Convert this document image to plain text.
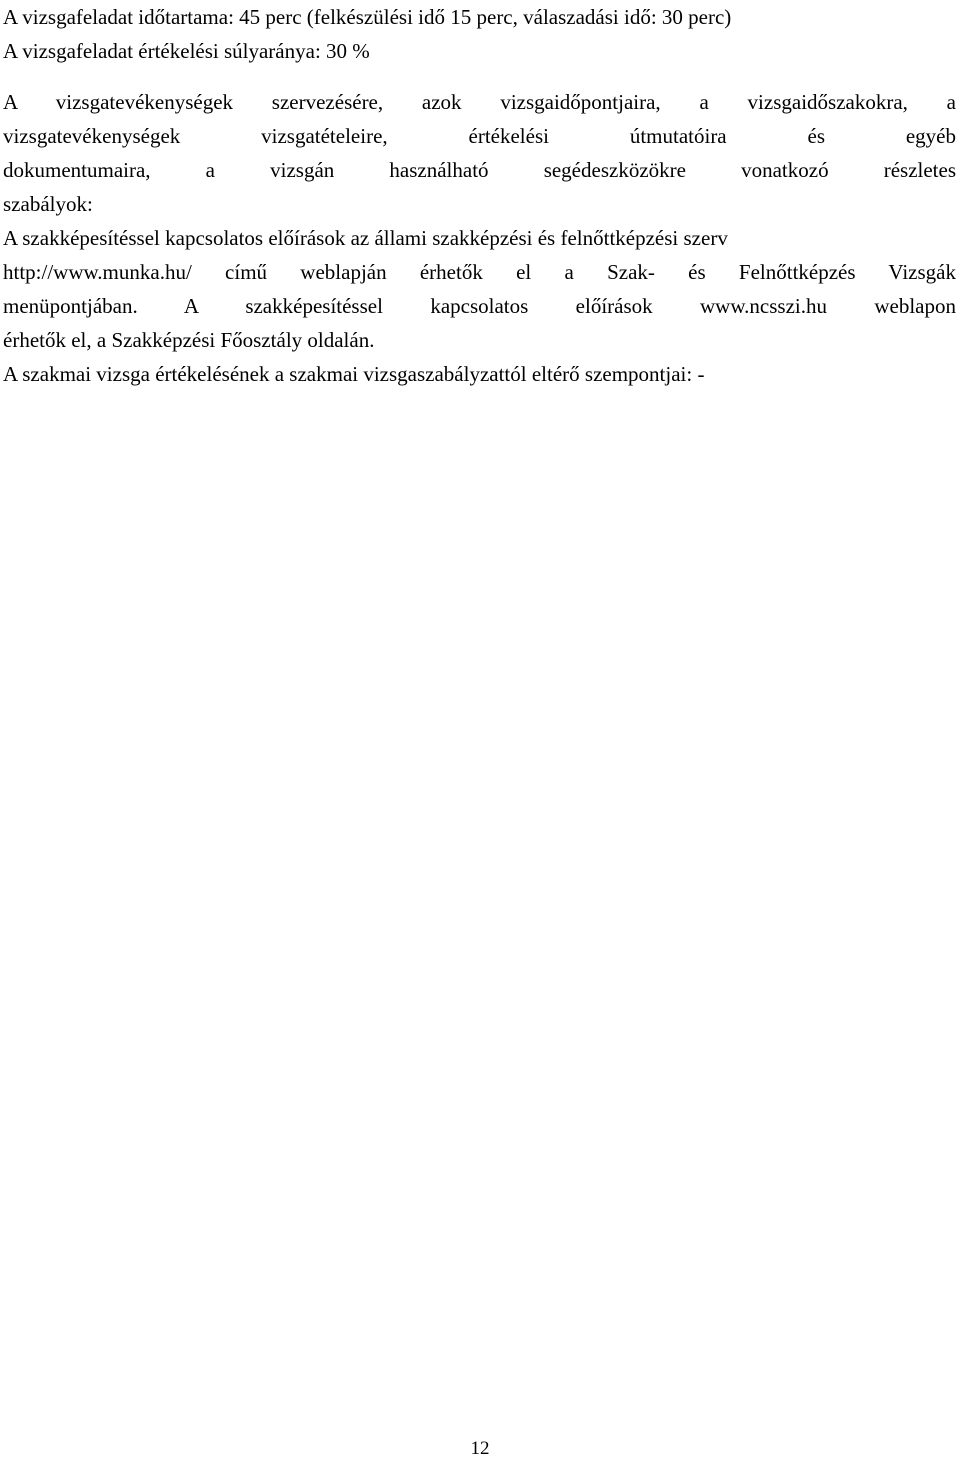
A vizsgafeladat időtartama: 45 perc (felkészülési idő 15 perc, válaszadási idő: 30 perc)
A vizsgafeladat értékelési súlyaránya: 30 %
A vizsgatevékenységek szervezésére, azok vizsgaidőpontjaira, a vizsgaidőszakokra, a
vizsgatevékenységek vizsgatételeire, értékelési útmutatóira és egyéb
dokumentumaira, a vizsgán használható segédeszközökre vonatkozó részletes
szabályok:
A szakképesítéssel kapcsolatos előírások az állami szakképzési és felnőttképzési szerv
http://www.munka.hu/ című weblapján érhetők el a Szak- és Felnőttképzés Vizsgák
menüpontjában. A szakképesítéssel kapcsolatos előírások www.ncsszi.hu weblapon
érhetők el, a Szakképzési Főosztály oldalán.
A szakmai vizsga értékelésének a szakmai vizsgaszabályzattól eltérő szempontjai: -
12
